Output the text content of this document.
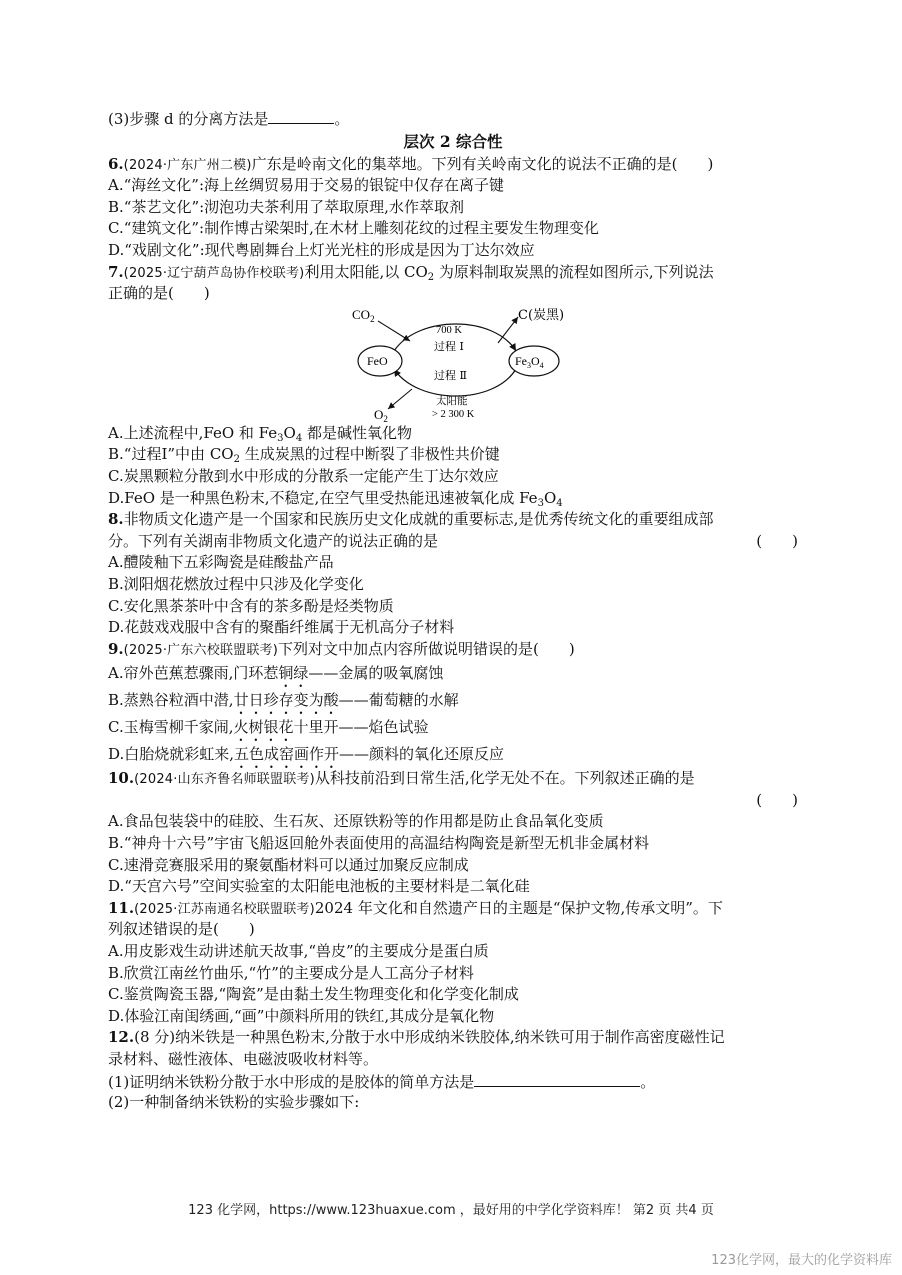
(3)步骤 d 的分离方法是	。
层次 2 综合性
6.(2024·广东广州二模)广东是岭南文化的集萃地。下列有关岭南文化的说法不正确的是(　　)
A.“海丝文化”:海上丝绸贸易用于交易的银锭中仅存在离子键
B.“茶艺文化”:沏泡功夫茶利用了萃取原理,水作萃取剂
C.“建筑文化”:制作博古梁架时,在木材上雕刻花纹的过程主要发生物理变化
D.“戏剧文化”:现代粤剧舞台上灯光光柱的形成是因为丁达尔效应
7.(2025·辽宁葫芦岛协作校联考)利用太阳能,以 $CO_2$ 为原料制取炭黑的流程如图所示,下列说法
正确的是(　　)
$CO_2$	C(炭黑)
700 K
过程 Ⅰ
FeO	$Fe_3O_4$
过程 Ⅱ
太阳能
> 2 300 K
$O_2$
A.上述流程中,FeO 和 $Fe_3O_4$ 都是碱性氧化物
B.“过程Ⅰ”中由 $CO_2$ 生成炭黑的过程中断裂了非极性共价键
C.炭黑颗粒分散到水中形成的分散系一定能产生丁达尔效应
D.FeO 是一种黑色粉末,不稳定,在空气里受热能迅速被氧化成 $Fe_3O_4$
8.非物质文化遗产是一个国家和民族历史文化成就的重要标志,是优秀传统文化的重要组成部
分。下列有关湖南非物质文化遗产的说法正确的是	(　　)
A.醴陵釉下五彩陶瓷是硅酸盐产品
B.浏阳烟花燃放过程中只涉及化学变化
C.安化黑茶茶叶中含有的茶多酚是烃类物质
D.花鼓戏戏服中含有的聚酯纤维属于无机高分子材料
9.(2025·广东六校联盟联考)下列对文中加点内容所做说明错误的是(　　)
A.帘外芭蕉惹骤雨,门环惹铜绿——金属的吸氧腐蚀
B.蒸熟谷粒酒中潜,廿日珍存变为酸——葡萄糖的水解
C.玉梅雪柳千家闹,火树银花十里开——焰色试验
D.白胎烧就彩虹来,五色成窑画作开——颜料的氧化还原反应
10.(2024·山东齐鲁名师联盟联考)从科技前沿到日常生活,化学无处不在。下列叙述正确的是
(　　)
A.食品包装袋中的硅胶、生石灰、还原铁粉等的作用都是防止食品氧化变质
B.“神舟十六号”宇宙飞船返回舱外表面使用的高温结构陶瓷是新型无机非金属材料
C.速滑竞赛服采用的聚氨酯材料可以通过加聚反应制成
D.“天宫六号”空间实验室的太阳能电池板的主要材料是二氧化硅
11.(2025·江苏南通名校联盟联考)2024 年文化和自然遗产日的主题是“保护文物,传承文明”。下
列叙述错误的是(　　)
A.用皮影戏生动讲述航天故事,“兽皮”的主要成分是蛋白质
B.欣赏江南丝竹曲乐,“竹”的主要成分是人工高分子材料
C.鉴赏陶瓷玉器,“陶瓷”是由黏土发生物理变化和化学变化制成
D.体验江南闺绣画,“画”中颜料所用的铁红,其成分是氧化物
12.(8 分)纳米铁是一种黑色粉末,分散于水中形成纳米铁胶体,纳米铁可用于制作高密度磁性记
录材料、磁性液体、电磁波吸收材料等。
(1)证明纳米铁粉分散于水中形成的是胶体的简单方法是	。
(2)一种制备纳米铁粉的实验步骤如下:
123 化学网，https://www.123huaxue.com ，最好用的中学化学资料库！ 第2 页 共4 页
123化学网，最大的化学资料库
